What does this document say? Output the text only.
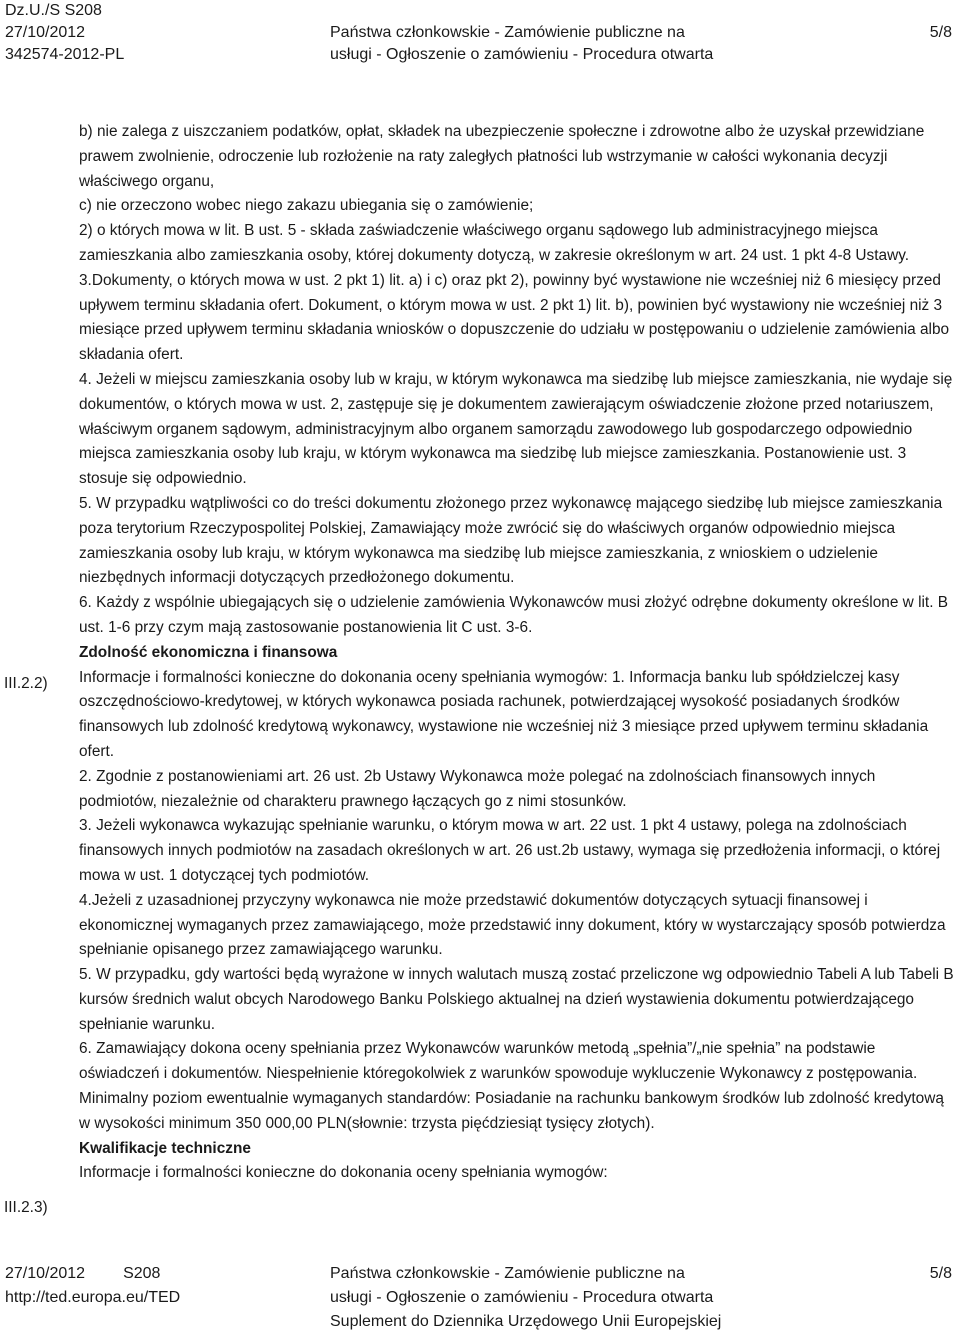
Dz.U./S S208
27/10/2012
342574-2012-PL
Państwa członkowskie - Zamówienie publiczne na
usługi - Ogłoszenie o zamówieniu - Procedura otwarta
5/8
III.2.2)
III.2.3)

b) nie zalega z uiszczaniem podatków, opłat, składek na ubezpieczenie społeczne i zdrowotne albo że uzyskał przewidziane prawem zwolnienie, odroczenie lub rozłożenie na raty zaległych płatności lub wstrzymanie w całości wykonania decyzji właściwego organu,

c) nie orzeczono wobec niego zakazu ubiegania się o zamówienie;

2) o których mowa w lit. B ust. 5 - składa zaświadczenie właściwego organu sądowego lub administracyjnego miejsca zamieszkania albo zamieszkania osoby, której dokumenty dotyczą, w zakresie określonym w art. 24 ust. 1 pkt 4-8 Ustawy.

3.Dokumenty, o których mowa w ust. 2 pkt 1) lit. a) i c) oraz pkt 2), powinny być wystawione nie wcześniej niż 6 miesięcy przed upływem terminu składania ofert. Dokument, o którym mowa w ust. 2 pkt 1) lit. b), powinien być wystawiony nie wcześniej niż 3 miesiące przed upływem terminu składania wniosków o dopuszczenie do udziału w postępowaniu o udzielenie zamówienia albo składania ofert.

4. Jeżeli w miejscu zamieszkania osoby lub w kraju, w którym wykonawca ma siedzibę lub miejsce zamieszkania, nie wydaje się dokumentów, o których mowa w ust. 2, zastępuje się je dokumentem zawierającym oświadczenie złożone przed notariuszem, właściwym organem sądowym, administracyjnym albo organem samorządu zawodowego lub gospodarczego odpowiednio miejsca zamieszkania osoby lub kraju, w którym wykonawca ma siedzibę lub miejsce zamieszkania. Postanowienie ust. 3 stosuje się odpowiednio.

5. W przypadku wątpliwości co do treści dokumentu złożonego przez wykonawcę mającego siedzibę lub miejsce zamieszkania poza terytorium Rzeczypospolitej Polskiej, Zamawiający może zwrócić się do właściwych organów odpowiednio miejsca zamieszkania osoby lub kraju, w którym wykonawca ma siedzibę lub miejsce zamieszkania, z wnioskiem o udzielenie niezbędnych informacji dotyczących przedłożonego dokumentu.

6. Każdy z wspólnie ubiegających się o udzielenie zamówienia Wykonawców musi złożyć odrębne dokumenty określone w lit. B ust. 1-6 przy czym mają zastosowanie postanowienia lit C ust. 3-6.

Zdolność ekonomiczna i finansowa

Informacje i formalności konieczne do dokonania oceny spełniania wymogów: 1. Informacja banku lub spółdzielczej kasy oszczędnościowo-kredytowej, w których wykonawca posiada rachunek, potwierdzającej wysokość posiadanych środków finansowych lub zdolność kredytową wykonawcy, wystawione nie wcześniej niż 3 miesiące przed upływem terminu składania ofert.

2. Zgodnie z postanowieniami art. 26 ust. 2b Ustawy Wykonawca może polegać na zdolnościach finansowych innych podmiotów, niezależnie od charakteru prawnego łączących go z nimi stosunków.

3. Jeżeli wykonawca wykazując spełnianie warunku, o którym mowa w art. 22 ust. 1 pkt 4 ustawy, polega na zdolnościach finansowych innych podmiotów na zasadach określonych w art. 26 ust.2b ustawy, wymaga się przedłożenia informacji, o której mowa w ust. 1 dotyczącej tych podmiotów.

4.Jeżeli z uzasadnionej przyczyny wykonawca nie może przedstawić dokumentów dotyczących sytuacji finansowej i ekonomicznej wymaganych przez zamawiającego, może przedstawić inny dokument, który w wystarczający sposób potwierdza spełnianie opisanego przez zamawiającego warunku.

5. W przypadku, gdy wartości będą wyrażone w innych walutach muszą zostać przeliczone wg odpowiednio Tabeli A lub Tabeli B kursów średnich walut obcych Narodowego Banku Polskiego aktualnej na dzień wystawienia dokumentu potwierdzającego spełnianie warunku.

6. Zamawiający dokona oceny spełniania przez Wykonawców warunków metodą „spełnia”/„nie spełnia” na podstawie oświadczeń i dokumentów. Niespełnienie któregokolwiek z warunków spowoduje wykluczenie Wykonawcy z postępowania.

Minimalny poziom ewentualnie wymaganych standardów: Posiadanie na rachunku bankowym środków lub zdolność kredytową w wysokości minimum 350 000,00 PLN(słownie: trzysta pięćdziesiąt tysięcy złotych).

Kwalifikacje techniczne

Informacje i formalności konieczne do dokonania oceny spełniania wymogów:

27/10/2012 S208
http://ted.europa.eu/TED
Państwa członkowskie - Zamówienie publiczne na
usługi - Ogłoszenie o zamówieniu - Procedura otwarta
Suplement do Dziennika Urzędowego Unii Europejskiej
5/8
